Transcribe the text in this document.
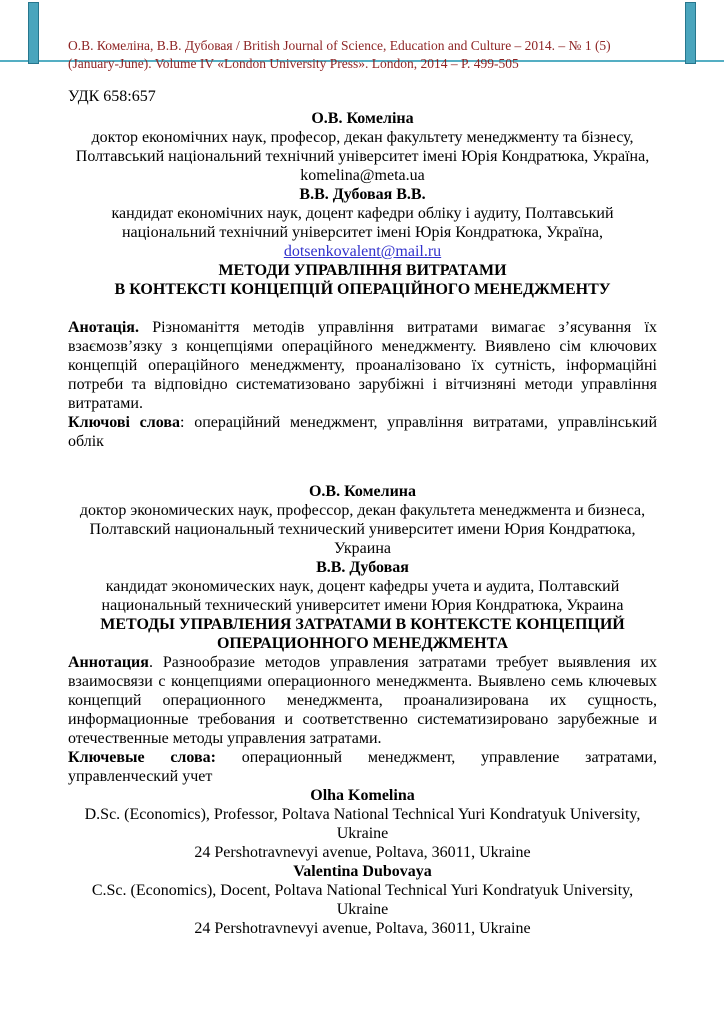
О.В. Комеліна, В.В. Дубовая / British Journal of Science, Education and Culture – 2014. – № 1 (5) (January-June). Volume IV «London University Press». London, 2014 – P. 499-505
УДК 658:657
О.В. Комеліна
доктор економічних наук, професор, декан факультету менеджменту та бізнесу, Полтавський національний технічний університет імені Юрія Кондратюка, Україна, komelina@meta.ua
В.В. Дубовая В.В.
кандидат економічних наук, доцент кафедри обліку і аудиту, Полтавський національний технічний університет імені Юрія Кондратюка, Україна,
dotsenkovalent@mail.ru
МЕТОДИ УПРАВЛІННЯ ВИТРАТАМИ
В КОНТЕКСТІ КОНЦЕПЦІЙ ОПЕРАЦІЙНОГО МЕНЕДЖМЕНТУ
Анотація. Різноманіття методів управління витратами вимагає з’ясування їх взаємозв’язку з концепціями операційного менеджменту. Виявлено сім ключових концепцій операційного менеджменту, проаналізовано їх сутність, інформаційні потреби та відповідно систематизовано зарубіжні і вітчизняні методи управління витратами.
Ключові слова: операційний менеджмент, управління витратами, управлінський облік
О.В. Комелина
доктор экономических наук, профессор, декан факультета менеджмента и бизнеса, Полтавский национальный технический университет имени Юрия Кондратюка, Украина
В.В. Дубовая
кандидат экономических наук, доцент кафедры учета и аудита, Полтавский национальный технический университет имени Юрия Кондратюка, Украина
МЕТОДЫ УПРАВЛЕНИЯ ЗАТРАТАМИ В КОНТЕКСТЕ КОНЦЕПЦИЙ
ОПЕРАЦИОННОГО МЕНЕДЖМЕНТА
Аннотация. Разнообразие методов управления затратами требует выявления их взаимосвязи с концепциями операционного менеджмента. Выявлено семь ключевых концепций операционного менеджмента, проанализирована их сущность, информационные требования и соответственно систематизировано зарубежные и отечественные методы управления затратами.
Ключевые слова: операционный менеджмент, управление затратами, управленческий учет
Olha Komelina
D.Sc. (Economics), Professor, Poltava National Technical Yuri Kondratyuk University, Ukraine
24 Pershotravnevyi avenue, Poltava, 36011, Ukraine
Valentina Dubovaya
C.Sc. (Economics), Docent, Poltava National Technical Yuri Kondratyuk University, Ukraine
24 Pershotravnevyi avenue, Poltava, 36011, Ukraine
